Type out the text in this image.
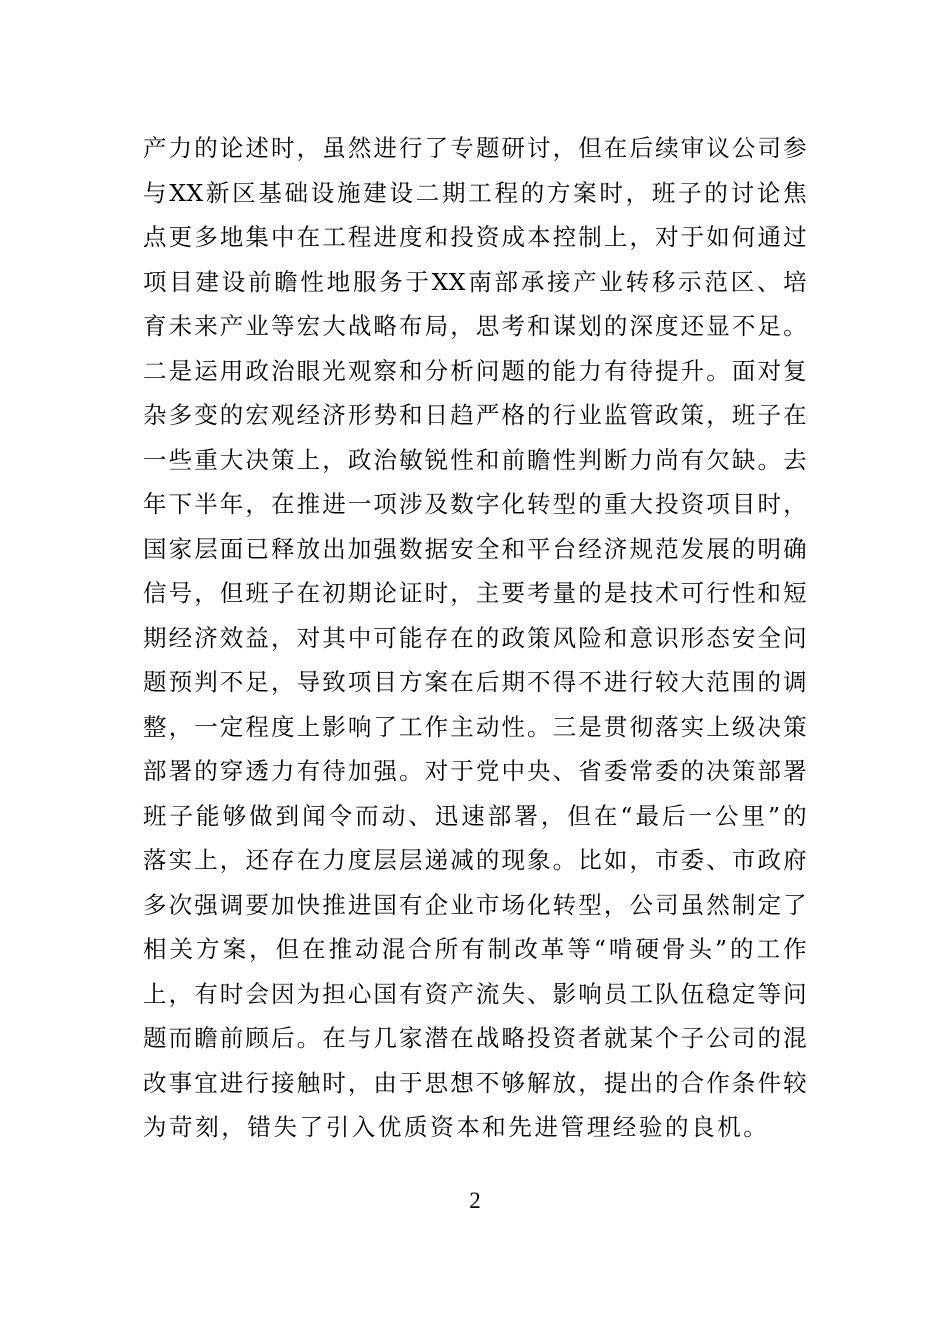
产力的论述时，虽然进行了专题研讨，但在后续审议公司参
与XX新区基础设施建设二期工程的方案时，班子的讨论焦
点更多地集中在工程进度和投资成本控制上，对于如何通过
项目建设前瞻性地服务于XX南部承接产业转移示范区、培
育未来产业等宏大战略布局，思考和谋划的深度还显不足。
二是运用政治眼光观察和分析问题的能力有待提升。面对复
杂多变的宏观经济形势和日趋严格的行业监管政策，班子在
一些重大决策上，政治敏锐性和前瞻性判断力尚有欠缺。去
年下半年，在推进一项涉及数字化转型的重大投资项目时，
国家层面已释放出加强数据安全和平台经济规范发展的明确
信号，但班子在初期论证时，主要考量的是技术可行性和短
期经济效益，对其中可能存在的政策风险和意识形态安全问
题预判不足，导致项目方案在后期不得不进行较大范围的调
整，一定程度上影响了工作主动性。三是贯彻落实上级决策
部署的穿透力有待加强。对于党中央、省委常委的决策部署
班子能够做到闻令而动、迅速部署，但在“最后一公里”的
落实上，还存在力度层层递减的现象。比如，市委、市政府
多次强调要加快推进国有企业市场化转型，公司虽然制定了
相关方案，但在推动混合所有制改革等“啃硬骨头”的工作
上，有时会因为担心国有资产流失、影响员工队伍稳定等问
题而瞻前顾后。在与几家潜在战略投资者就某个子公司的混
改事宜进行接触时，由于思想不够解放，提出的合作条件较
为苛刻，错失了引入优质资本和先进管理经验的良机。
2
